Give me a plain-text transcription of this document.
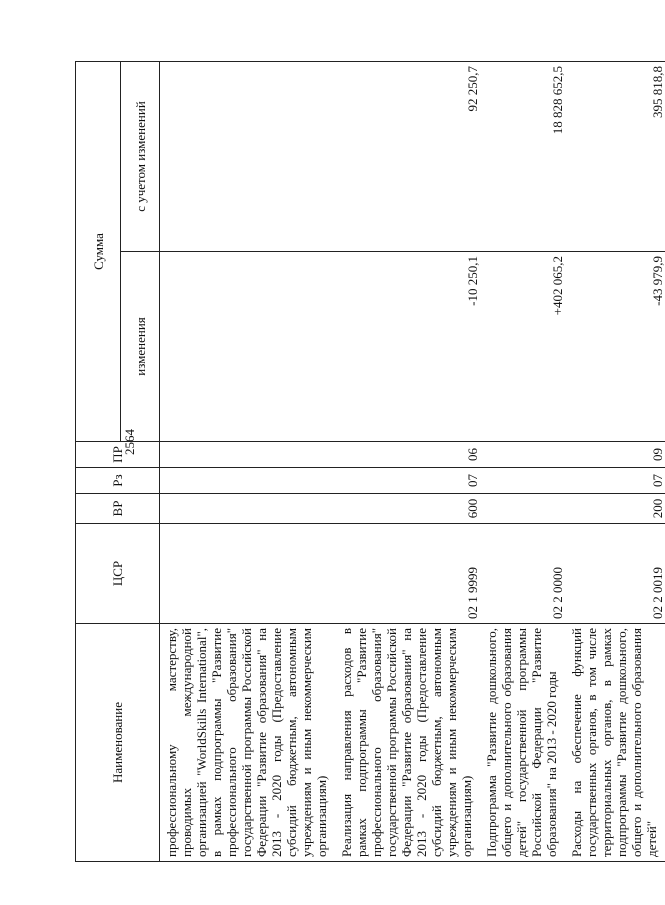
2564
Наименование	ЦСР	ВР	Рз	ПР	Сумма	
					изменения	с учетом изменений
профессиональному мастерству, проводимых международной организацией "WorldSkills International", в рамках подпрограммы "Развитие профессионального образования" государственной программы Российской Федерации "Развитие образования" на 2013 - 2020 годы (Предоставление субсидий бюджетным, автономным учреждениям и иным некоммерческим организациям)						
Реализация направления расходов в рамках подпрограммы "Развитие профессионального образования" государственной программы Российской Федерации "Развитие образования" на 2013 - 2020 годы (Предоставление субсидий бюджетным, автономным учреждениям и иным некоммерческим организациям)	02 1 9999	600	07	06	-10 250,1	92 250,7
Подпрограмма "Развитие дошкольного, общего и дополнительного образования детей" государственной программы Российской Федерации "Развитие образования" на 2013 - 2020 годы	02 2 0000				+402 065,2	18 828 652,5
Расходы на обеспечение функций государственных органов, в том числе территориальных органов, в рамках подпрограммы "Развитие дошкольного, общего и дополнительного образования детей"	02 2 0019	200	07	09	-43 979,9	395 818,8
